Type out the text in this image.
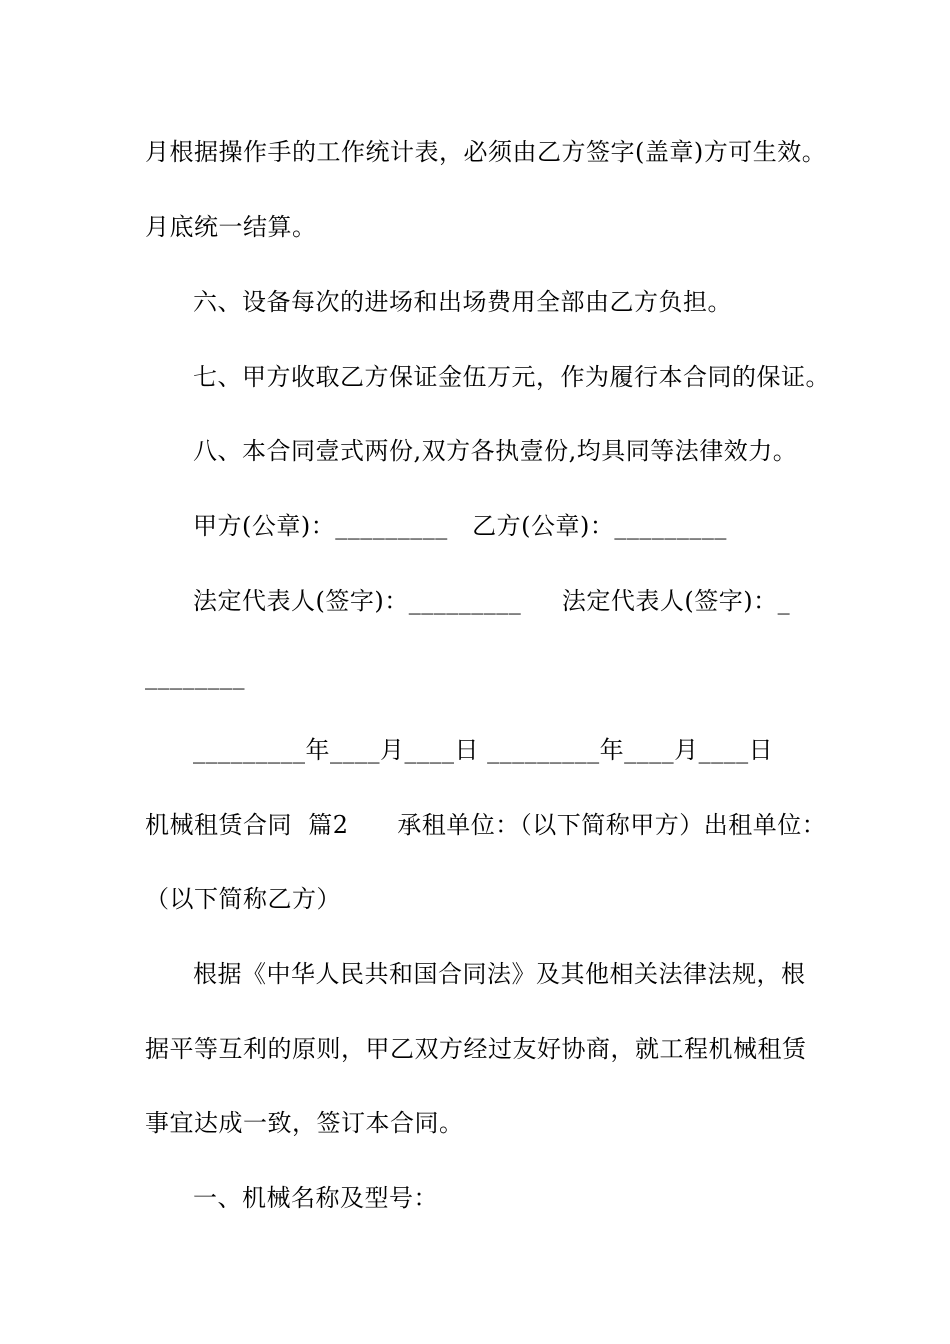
月根据操作手的工作统计表，必须由乙方签字(盖章)方可生效。
月底统一结算。
六、设备每次的进场和出场费用全部由乙方负担。
七、甲方收取乙方保证金伍万元，作为履行本合同的保证。
八、本合同壹式两份,双方各执壹份,均具同等法律效力。
甲方(公章)：_________   乙方(公章)：_________
法定代表人(签字)：_________     法定代表人(签字)：_
________
_________年____月____日 _________年____月____日
机械租赁合同  篇2      承租单位：（以下简称甲方）出租单位：
（以下简称乙方）
根据《中华人民共和国合同法》及其他相关法律法规，根
据平等互利的原则，甲乙双方经过友好协商，就工程机械租赁
事宜达成一致，签订本合同。
一、机械名称及型号：
